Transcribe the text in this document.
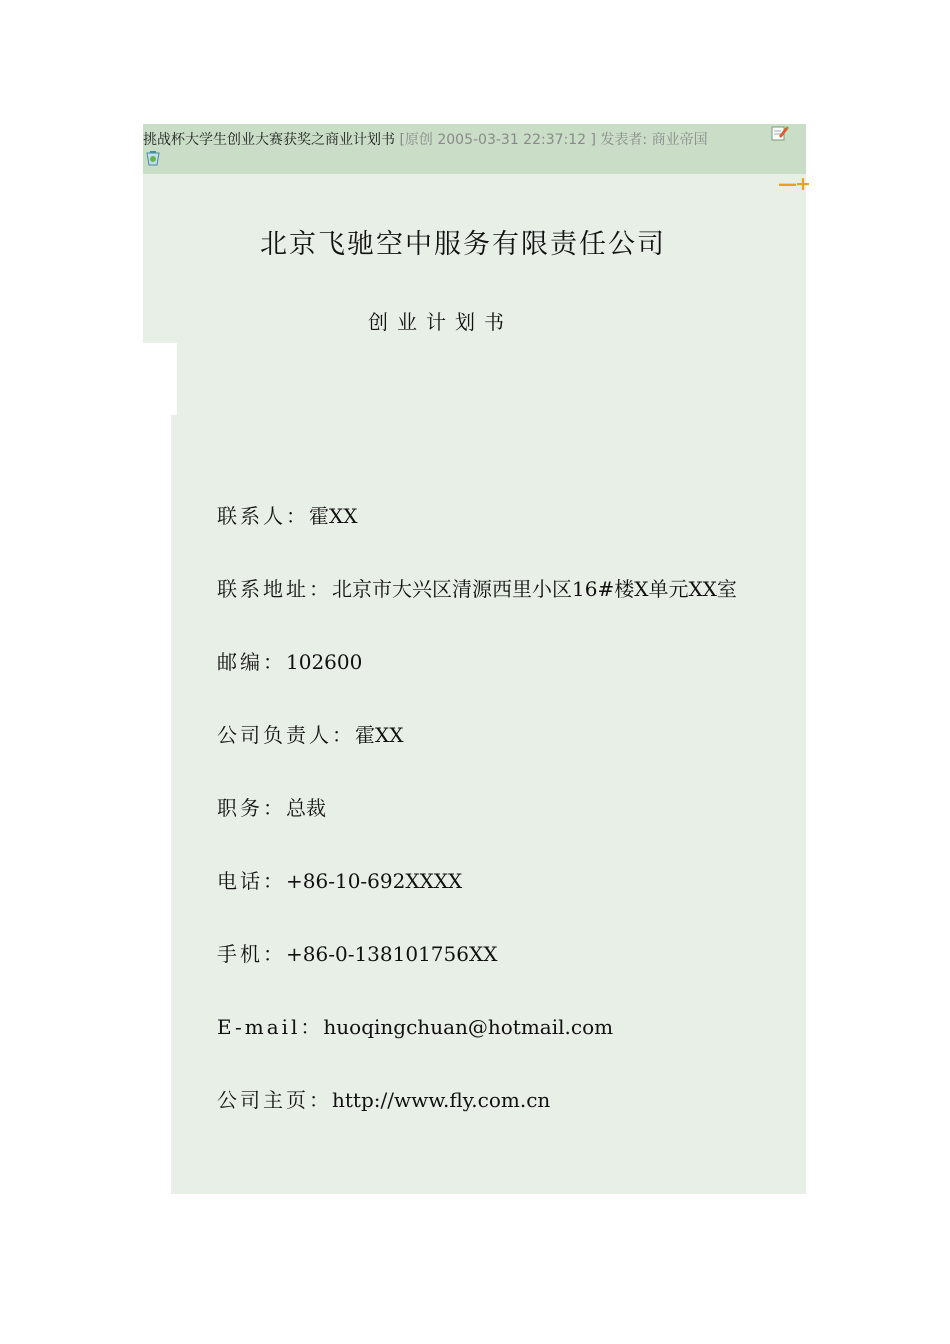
挑战杯大学生创业大赛获奖之商业计划书 [原创 2005-03-31 22:37:12 ] 发表者: 商业帝国
—+
北京飞驰空中服务有限责任公司
创业计划书
联系人：霍XX
联系地址：北京市大兴区清源西里小区16#楼X单元XX室
邮编：102600
公司负责人：霍XX
职务：总裁
电话：+86-10-692XXXX
手机：+86-0-138101756XX
E-mail：huoqingchuan@hotmail.com
公司主页：http://www.fly.com.cn
